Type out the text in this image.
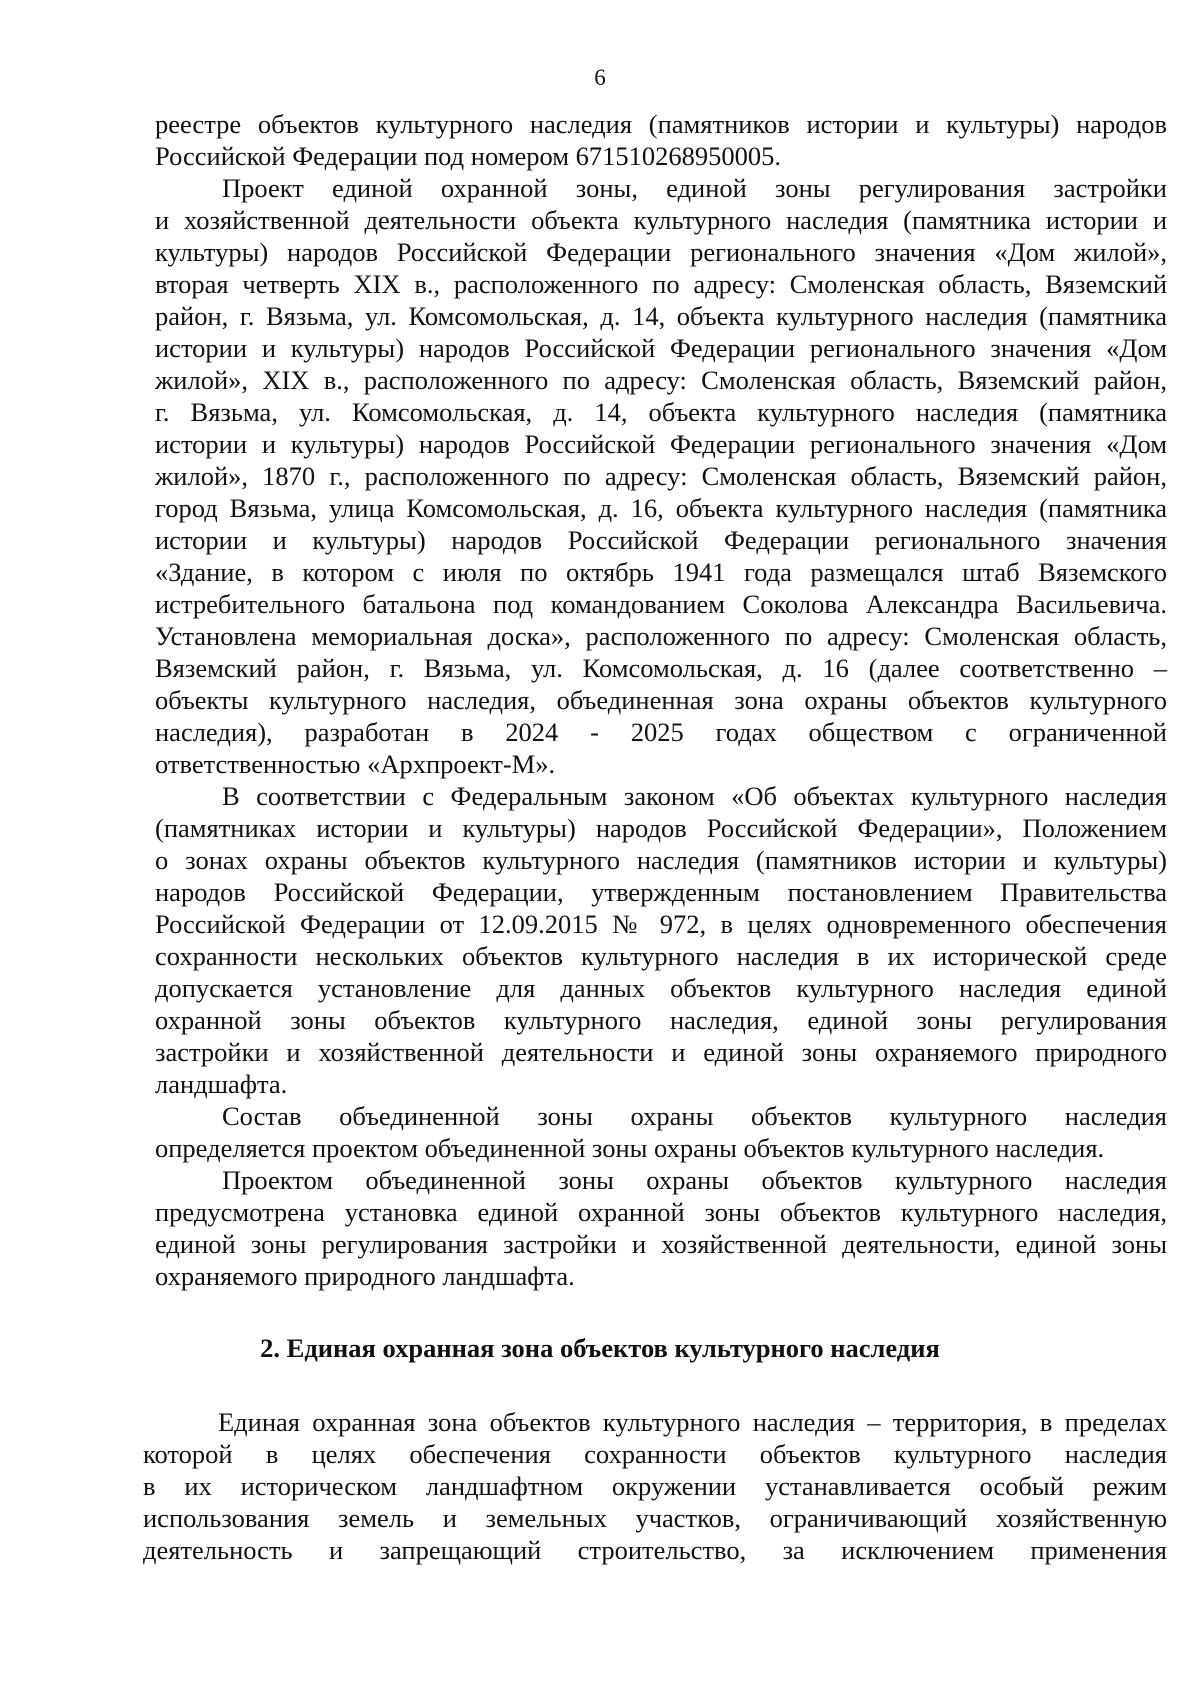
6
реестре объектов культурного наследия (памятников истории и культуры) народов
Российской Федерации под номером 671510268950005.
Проект единой охранной зоны, единой зоны регулирования застройки
и хозяйственной деятельности объекта культурного наследия (памятника истории и
культуры) народов Российской Федерации регионального значения «Дом жилой»,
вторая четверть XIX в., расположенного по адресу: Смоленская область, Вяземский
район, г. Вязьма, ул. Комсомольская, д. 14, объекта культурного наследия (памятника
истории и культуры) народов Российской Федерации регионального значения «Дом
жилой», XIX в., расположенного по адресу: Смоленская область, Вяземский район,
г. Вязьма, ул. Комсомольская, д. 14, объекта культурного наследия (памятника
истории и культуры) народов Российской Федерации регионального значения «Дом
жилой», 1870 г., расположенного по адресу: Смоленская область, Вяземский район,
город Вязьма, улица Комсомольская, д. 16, объекта культурного наследия (памятника
истории и культуры) народов Российской Федерации регионального значения
«Здание, в котором с июля по октябрь 1941 года размещался штаб Вяземского
истребительного батальона под командованием Соколова Александра Васильевича.
Установлена мемориальная доска», расположенного по адресу: Смоленская область,
Вяземский район, г. Вязьма, ул. Комсомольская, д. 16 (далее соответственно –
объекты культурного наследия, объединенная зона охраны объектов культурного
наследия), разработан в 2024 - 2025 годах обществом с ограниченной
ответственностью «Архпроект-М».
В соответствии с Федеральным законом «Об объектах культурного наследия
(памятниках истории и культуры) народов Российской Федерации», Положением
о зонах охраны объектов культурного наследия (памятников истории и культуры)
народов Российской Федерации, утвержденным постановлением Правительства
Российской Федерации от 12.09.2015 № 972, в целях одновременного обеспечения
сохранности нескольких объектов культурного наследия в их исторической среде
допускается установление для данных объектов культурного наследия единой
охранной зоны объектов культурного наследия, единой зоны регулирования
застройки и хозяйственной деятельности и единой зоны охраняемого природного
ландшафта.
Состав объединенной зоны охраны объектов культурного наследия
определяется проектом объединенной зоны охраны объектов культурного наследия.
Проектом объединенной зоны охраны объектов культурного наследия
предусмотрена установка единой охранной зоны объектов культурного наследия,
единой зоны регулирования застройки и хозяйственной деятельности, единой зоны
охраняемого природного ландшафта.
2. Единая охранная зона объектов культурного наследия
Единая охранная зона объектов культурного наследия – территория, в пределах
которой в целях обеспечения сохранности объектов культурного наследия
в их историческом ландшафтном окружении устанавливается особый режим
использования земель и земельных участков, ограничивающий хозяйственную
деятельность и запрещающий строительство, за исключением применения
